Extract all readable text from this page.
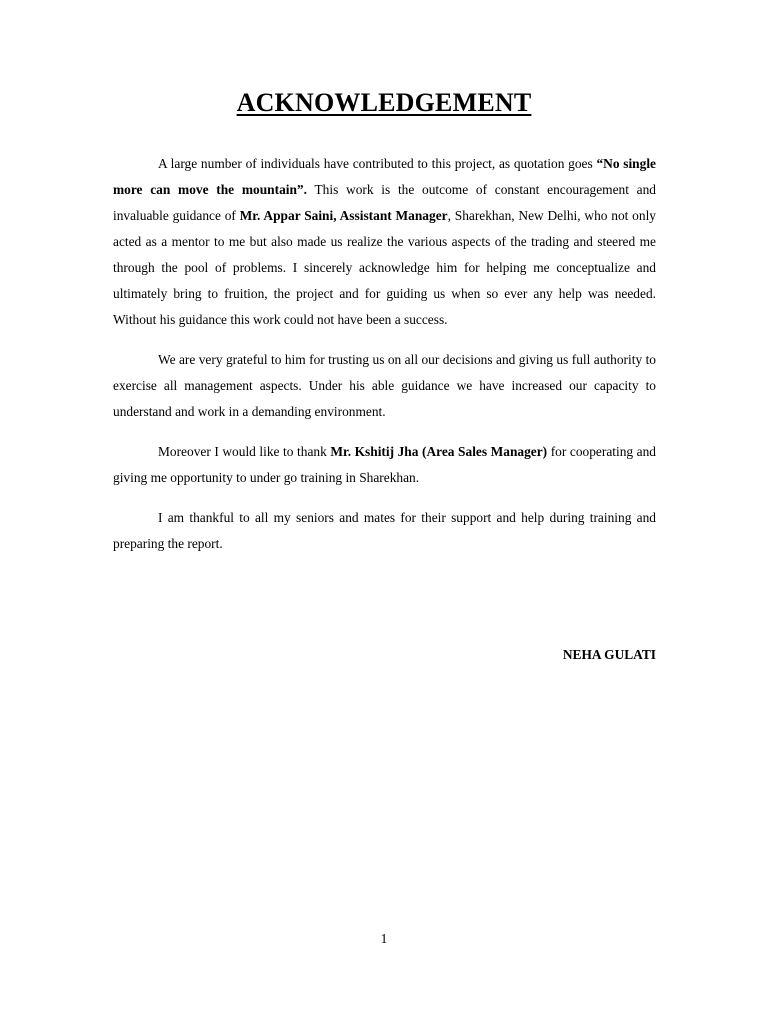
ACKNOWLEDGEMENT

A large number of individuals have contributed to this project, as quotation goes “No single more can move the mountain”. This work is the outcome of constant encouragement and invaluable guidance of Mr. Appar Saini, Assistant Manager, Sharekhan, New Delhi, who not only acted as a mentor to me but also made us realize the various aspects of the trading and steered me through the pool of problems. I sincerely acknowledge him for helping me conceptualize and ultimately bring to fruition, the project and for guiding us when so ever any help was needed. Without his guidance this work could not have been a success.

We are very grateful to him for trusting us on all our decisions and giving us full authority to exercise all management aspects. Under his able guidance we have increased our capacity to understand and work in a demanding environment.

Moreover I would like to thank Mr. Kshitij Jha (Area Sales Manager) for cooperating and giving me opportunity to under go training in Sharekhan.

I am thankful to all my seniors and mates for their support and help during training and preparing the report.

NEHA GULATI
1
